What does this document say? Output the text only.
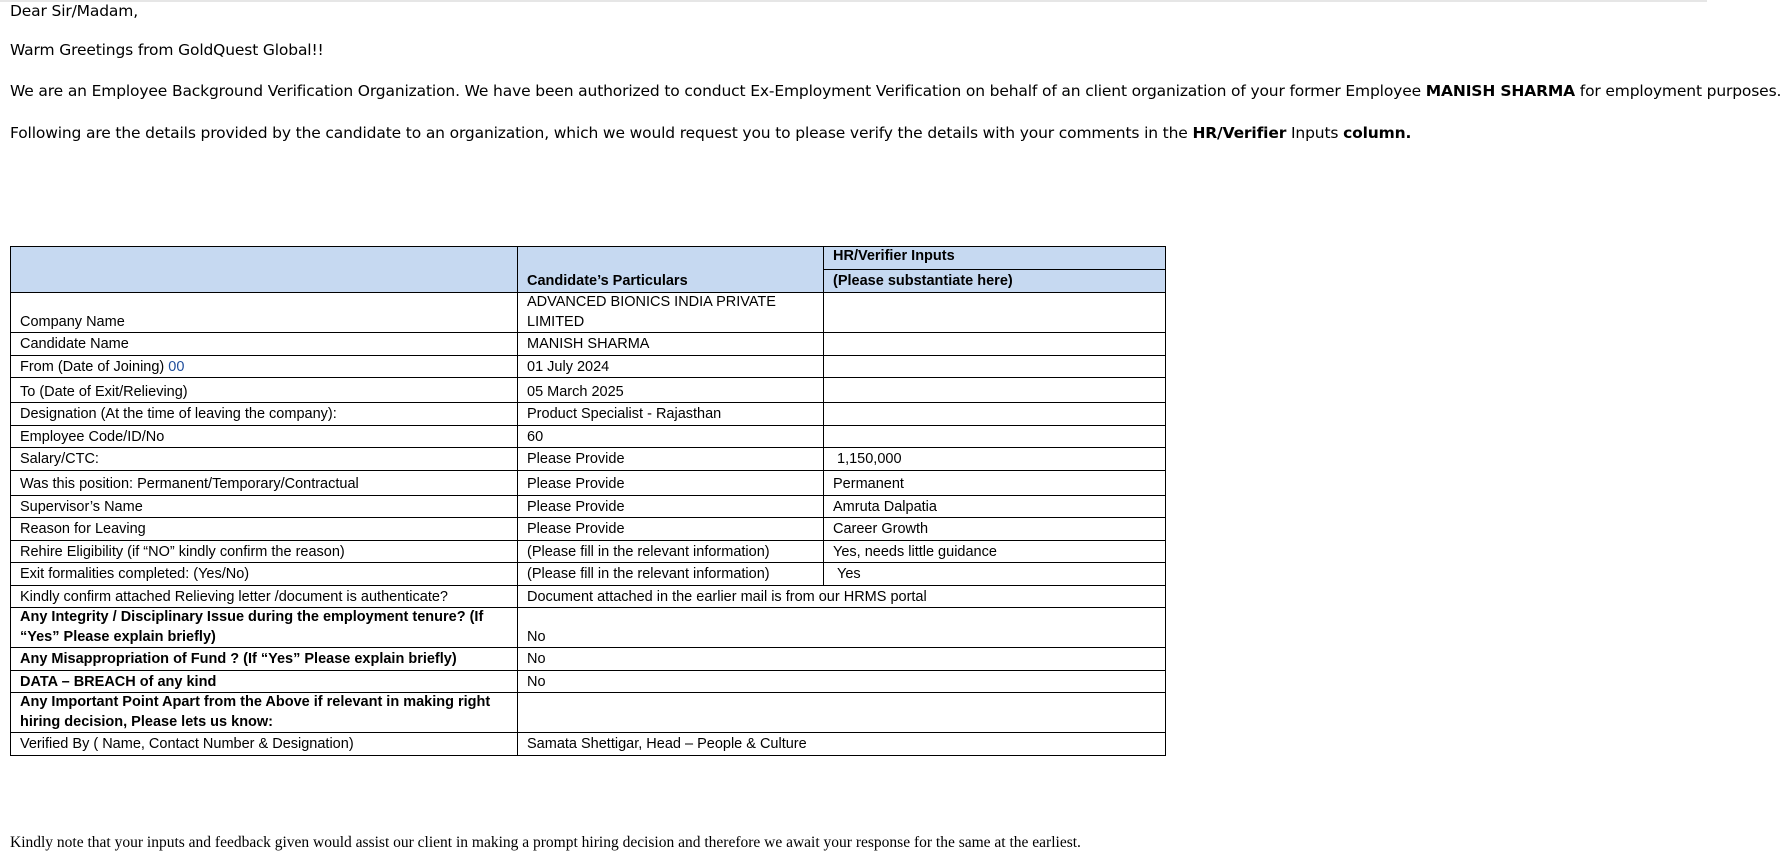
Dear Sir/Madam,

Warm Greetings from GoldQuest Global!!

We are an Employee Background Verification Organization. We have been authorized to conduct Ex-Employment Verification on behalf of an client organization of your former Employee MANISH SHARMA for employment purposes.

Following are the details provided by the candidate to an organization, which we would request you to please verify the details with your comments in the HR/Verifier Inputs column.

	Candidate’s Particulars	HR/Verifier Inputs
		(Please substantiate here)
Company Name	ADVANCED BIONICS INDIA PRIVATE
LIMITED	

Candidate Name	MANISH SHARMA	
From (Date of Joining) 00	01 July 2024	
To (Date of Exit/Relieving)	05 March 2025	
Designation (At the time of leaving the company):	Product Specialist - Rajasthan	
Employee Code/ID/No	60	
Salary/CTC:	Please Provide	1,150,000
Was this position: Permanent/Temporary/Contractual	Please Provide	Permanent
Supervisor’s Name	Please Provide	Amruta Dalpatia
Reason for Leaving	Please Provide	Career Growth
Rehire Eligibility (if “NO” kindly confirm the reason)	(Please fill in the relevant information)	Yes, needs little guidance
Exit formalities completed: (Yes/No)	(Please fill in the relevant information)	Yes
Kindly confirm attached Relieving letter /document is authenticate?	Document attached in the earlier mail is from our HRMS portal	

Any Integrity / Disciplinary Issue during the employment tenure? (If
“Yes” Please explain briefly)	No	
Any Misappropriation of Fund ? (If “Yes” Please explain briefly)	No	
DATA – BREACH of any kind	No	

Any Important Point Apart from the Above if relevant in making right
hiring decision, Please lets us know:		

Verified By ( Name, Contact Number & Designation)	Samata Shettigar, Head – People & Culture	

Kindly note that your inputs and feedback given would assist our client in making a prompt hiring decision and therefore we await your response for the same at the earliest.
